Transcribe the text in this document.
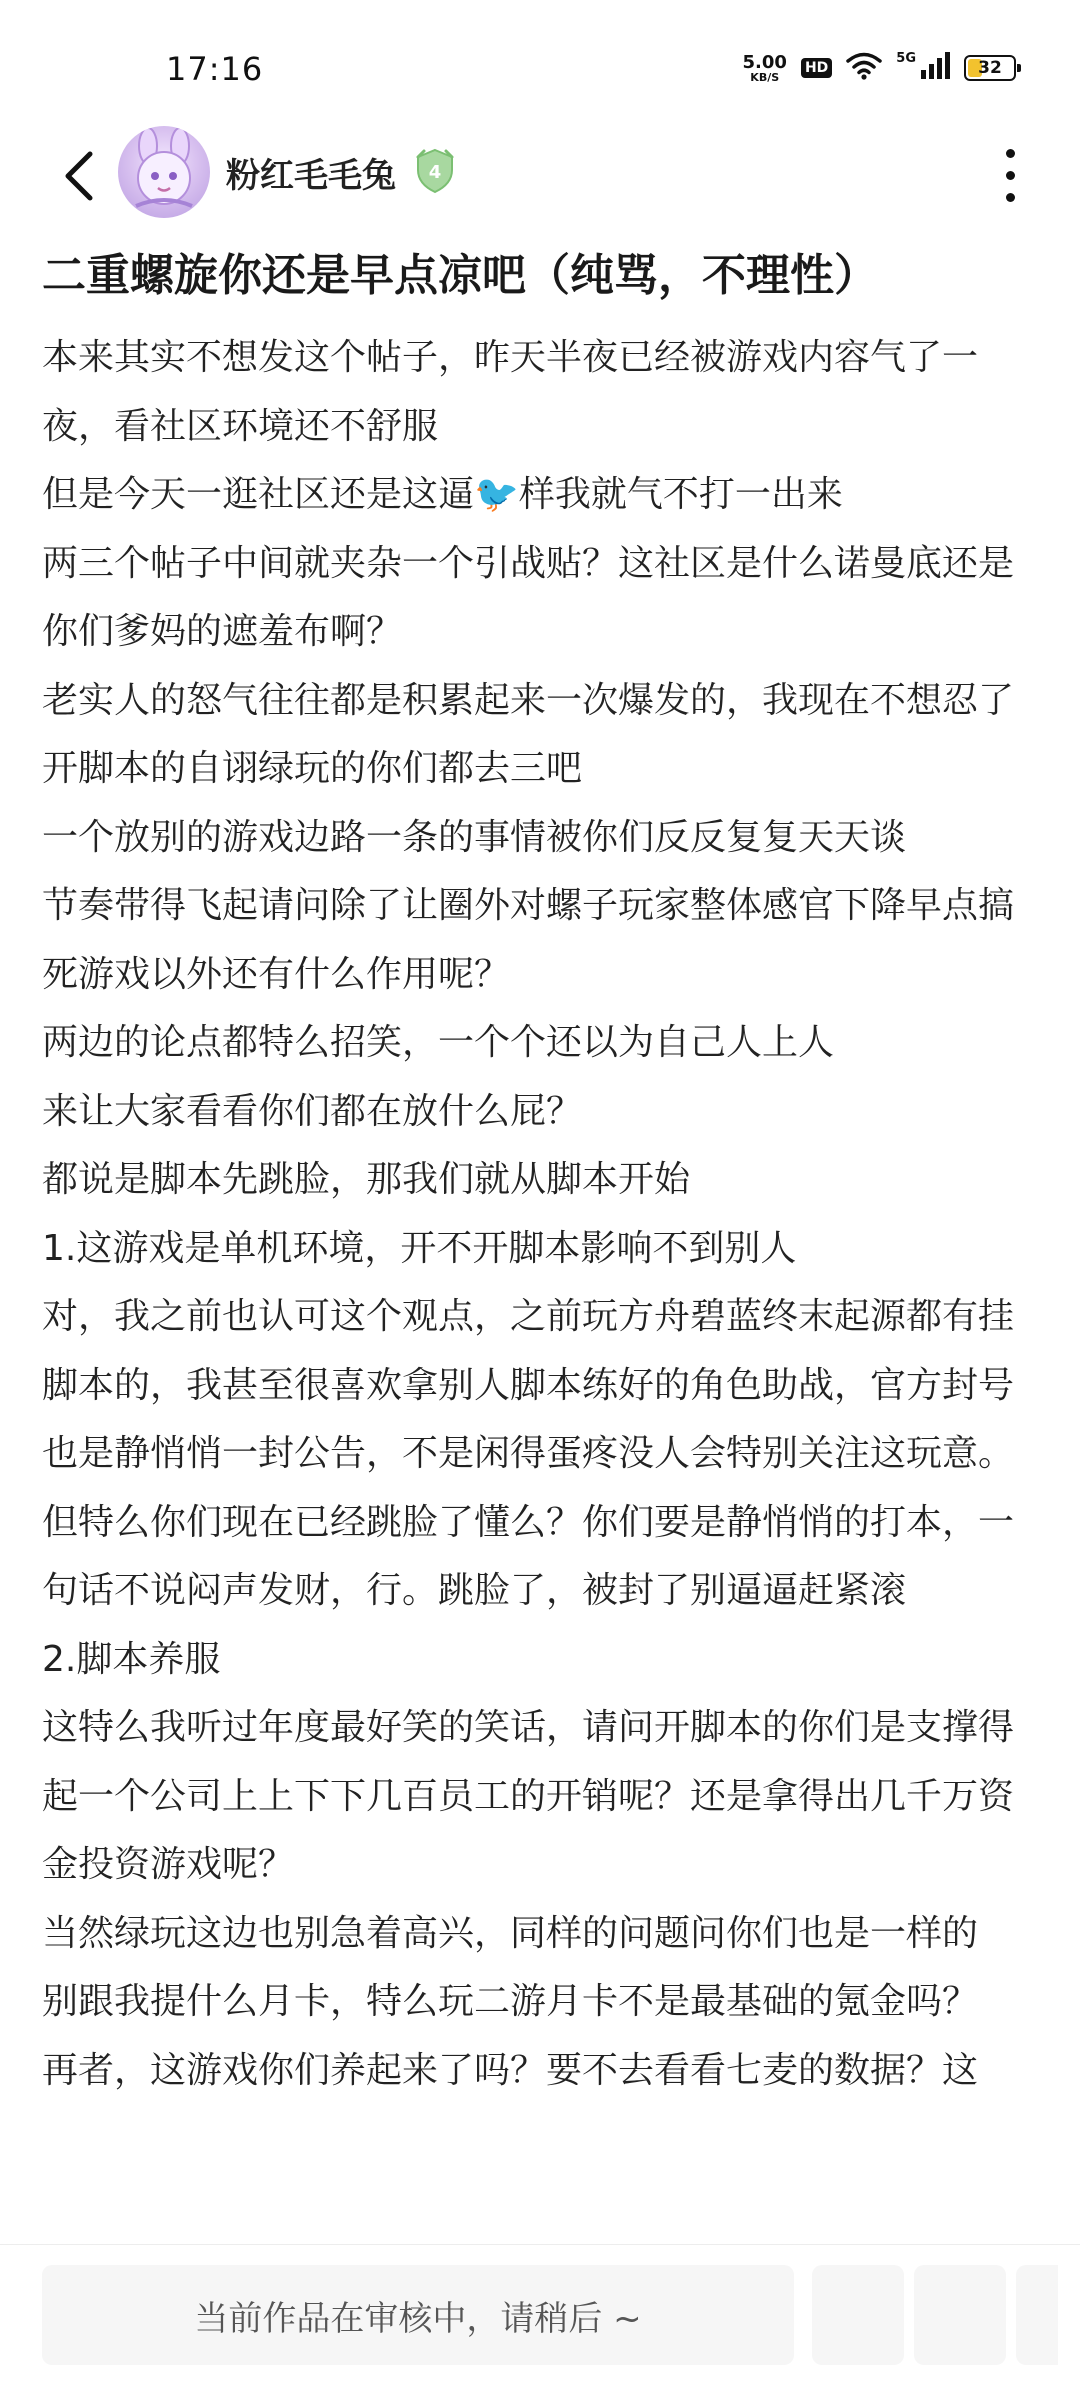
17:16	5.00
KB/S
HD
5G	32
粉红毛毛兔 4
二重螺旋你还是早点凉吧（纯骂，不理性）

本来其实不想发这个帖子，昨天半夜已经被游戏内容气了一夜，看社区环境还不舒服

但是今天一逛社区还是这逼🐦样我就气不打一出来

两三个帖子中间就夹杂一个引战贴？这社区是什么诺曼底还是你们爹妈的遮羞布啊？

老实人的怒气往往都是积累起来一次爆发的，我现在不想忍了

开脚本的自诩绿玩的你们都去三吧

一个放别的游戏边路一条的事情被你们反反复复天天谈

节奏带得飞起请问除了让圈外对螺子玩家整体感官下降早点搞死游戏以外还有什么作用呢？

两边的论点都特么招笑，一个个还以为自己人上人

来让大家看看你们都在放什么屁？

都说是脚本先跳脸，那我们就从脚本开始

1.这游戏是单机环境，开不开脚本影响不到别人

对，我之前也认可这个观点，之前玩方舟碧蓝终末起源都有挂脚本的，我甚至很喜欢拿别人脚本练好的角色助战，官方封号也是静悄悄一封公告，不是闲得蛋疼没人会特别关注这玩意。

但特么你们现在已经跳脸了懂么？你们要是静悄悄的打本，一句话不说闷声发财，行。跳脸了，被封了别逼逼赶紧滚

2.脚本养服

这特么我听过年度最好笑的笑话，请问开脚本的你们是支撑得起一个公司上上下下几百员工的开销呢？还是拿得出几千万资金投资游戏呢？

当然绿玩这边也别急着高兴，同样的问题问你们也是一样的

别跟我提什么月卡，特么玩二游月卡不是最基础的氪金吗？

再者，这游戏你们养起来了吗？要不去看看七麦的数据？这

当前作品在审核中，请稍后 ~
